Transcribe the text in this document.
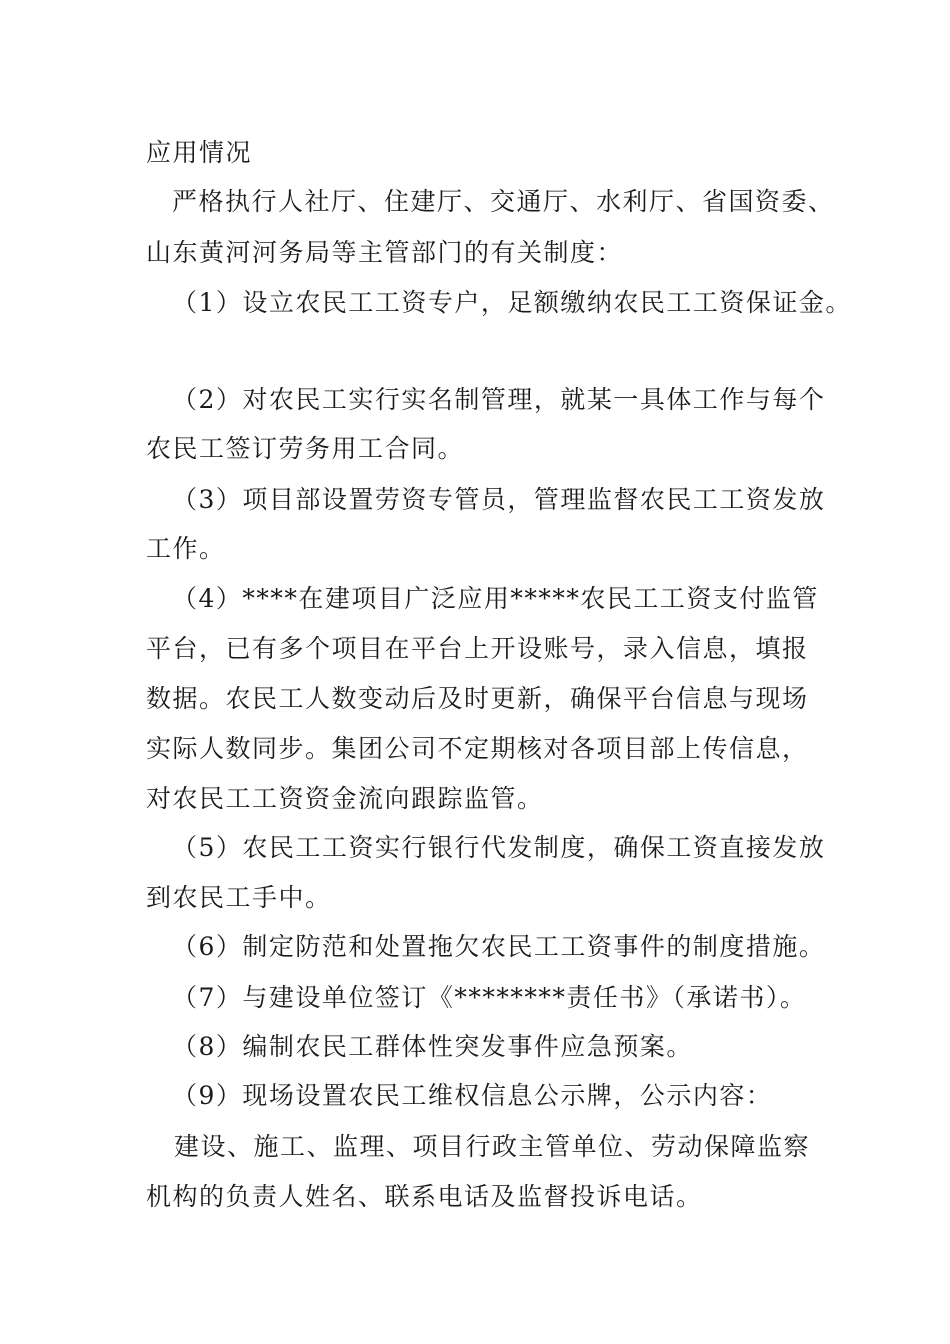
应用情况
严格执行人社厅、住建厅、交通厅、水利厅、省国资委、
山东黄河河务局等主管部门的有关制度：
（1）设立农民工工资专户，足额缴纳农民工工资保证金。
（2）对农民工实行实名制管理，就某一具体工作与每个
农民工签订劳务用工合同。
（3）项目部设置劳资专管员，管理监督农民工工资发放
工作。
（4）****在建项目广泛应用*****农民工工资支付监管
平台，已有多个项目在平台上开设账号，录入信息，填报
数据。农民工人数变动后及时更新，确保平台信息与现场
实际人数同步。集团公司不定期核对各项目部上传信息，
对农民工工资资金流向跟踪监管。
（5）农民工工资实行银行代发制度，确保工资直接发放
到农民工手中。
（6）制定防范和处置拖欠农民工工资事件的制度措施。
（7）与建设单位签订《********责任书》（承诺书）。
（8）编制农民工群体性突发事件应急预案。
（9）现场设置农民工维权信息公示牌，公示内容：
建设、施工、监理、项目行政主管单位、劳动保障监察
机构的负责人姓名、联系电话及监督投诉电话。
